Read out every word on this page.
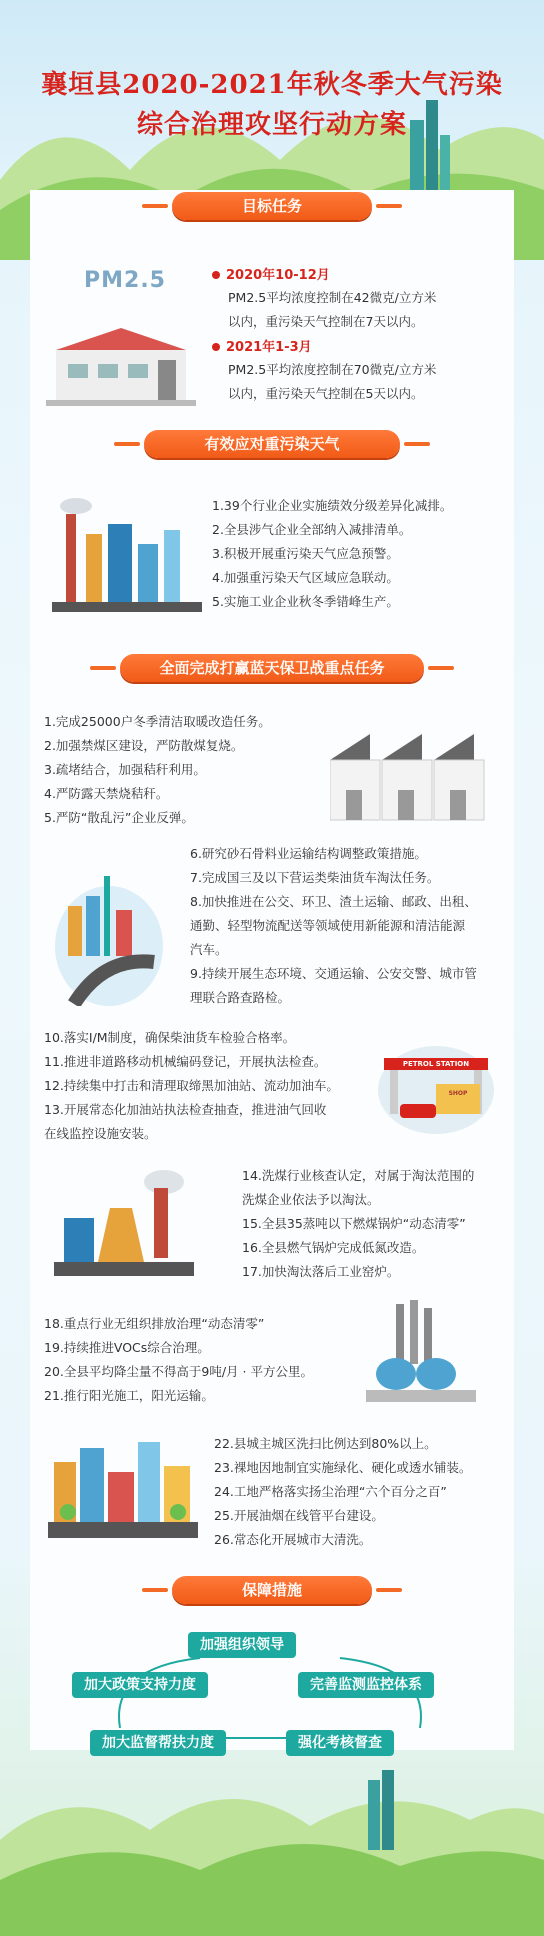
襄垣县2020-2021年秋冬季大气污染
综合治理攻坚行动方案
目标任务
PM2.5	2020年10-12月
PM2.5平均浓度控制在42微克/立方米
以内，重污染天气控制在7天以内。
2021年1-3月
PM2.5平均浓度控制在70微克/立方米
以内，重污染天气控制在5天以内。
有效应对重污染天气
1.39个行业企业实施绩效分级差异化减排。
2.全县涉气企业全部纳入减排清单。
3.积极开展重污染天气应急预警。
4.加强重污染天气区域应急联动。
5.实施工业企业秋冬季错峰生产。
全面完成打赢蓝天保卫战重点任务
1.完成25000户冬季清洁取暖改造任务。
2.加强禁煤区建设，严防散煤复烧。
3.疏堵结合，加强秸秆利用。
4.严防露天禁烧秸秆。
5.严防“散乱污”企业反弹。
6.研究砂石骨料业运输结构调整政策措施。
7.完成国三及以下营运类柴油货车淘汰任务。
8.加快推进在公交、环卫、渣土运输、邮政、出租、
通勤、轻型物流配送等领域使用新能源和清洁能源
汽车。
9.持续开展生态环境、交通运输、公安交警、城市管
理联合路查路检。
10.落实I/M制度，确保柴油货车检验合格率。
11.推进非道路移动机械编码登记，开展执法检查。
12.持续集中打击和清理取缔黑加油站、流动加油车。
13.开展常态化加油站执法检查抽查，推进油气回收
在线监控设施安装。
PETROL STATION
SHOP
14.洗煤行业核查认定，对属于淘汰范围的
洗煤企业依法予以淘汰。
15.全县35蒸吨以下燃煤锅炉“动态清零”
16.全县燃气锅炉完成低氮改造。
17.加快淘汰落后工业窑炉。
18.重点行业无组织排放治理“动态清零”
19.持续推进VOCs综合治理。
20.全县平均降尘量不得高于9吨/月 · 平方公里。
21.推行阳光施工，阳光运输。
22.县城主城区洗扫比例达到80%以上。
23.裸地因地制宜实施绿化、硬化或透水铺装。
24.工地严格落实扬尘治理“六个百分之百”
25.开展油烟在线管平台建设。
26.常态化开展城市大清洗。
保障措施
加强组织领导
加大政策支持力度	完善监测监控体系
加大监督帮扶力度	强化考核督查
